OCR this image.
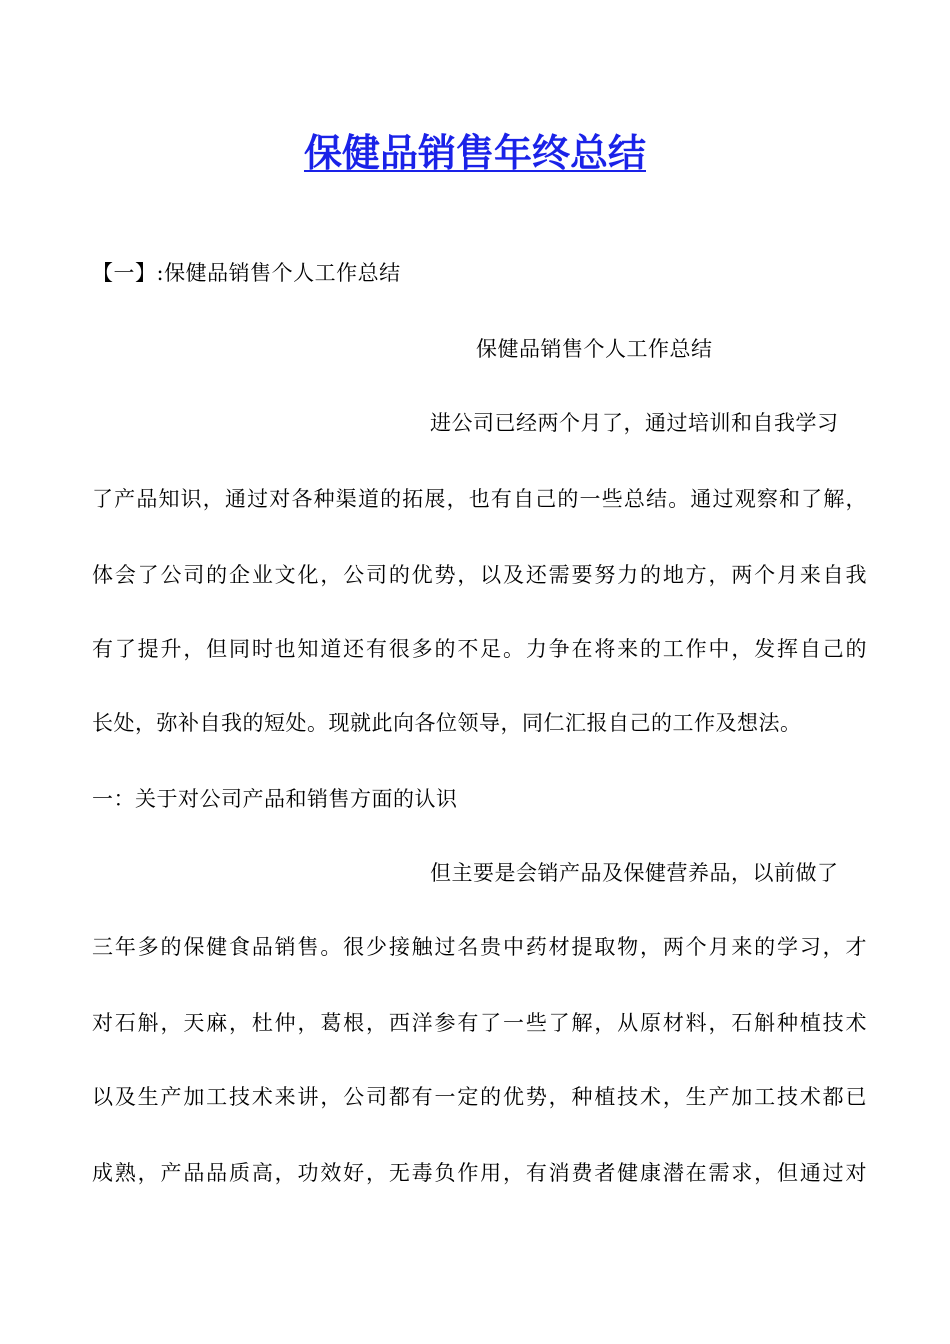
保健品销售年终总结
【一】:保健品销售个人工作总结
保健品销售个人工作总结
进公司已经两个月了，通过培训和自我学习
了产品知识，通过对各种渠道的拓展，也有自己的一些总结。通过观察和了解，
体会了公司的企业文化，公司的优势，以及还需要努力的地方，两个月来自我
有了提升，但同时也知道还有很多的不足。力争在将来的工作中，发挥自己的
长处，弥补自我的短处。现就此向各位领导，同仁汇报自己的工作及想法。
一：关于对公司产品和销售方面的认识
但主要是会销产品及保健营养品，以前做了
三年多的保健食品销售。很少接触过名贵中药材提取物，两个月来的学习，才
对石斛，天麻，杜仲，葛根，西洋参有了一些了解，从原材料，石斛种植技术
以及生产加工技术来讲，公司都有一定的优势，种植技术，生产加工技术都已
成熟，产品品质高，功效好，无毒负作用，有消费者健康潜在需求，但通过对
